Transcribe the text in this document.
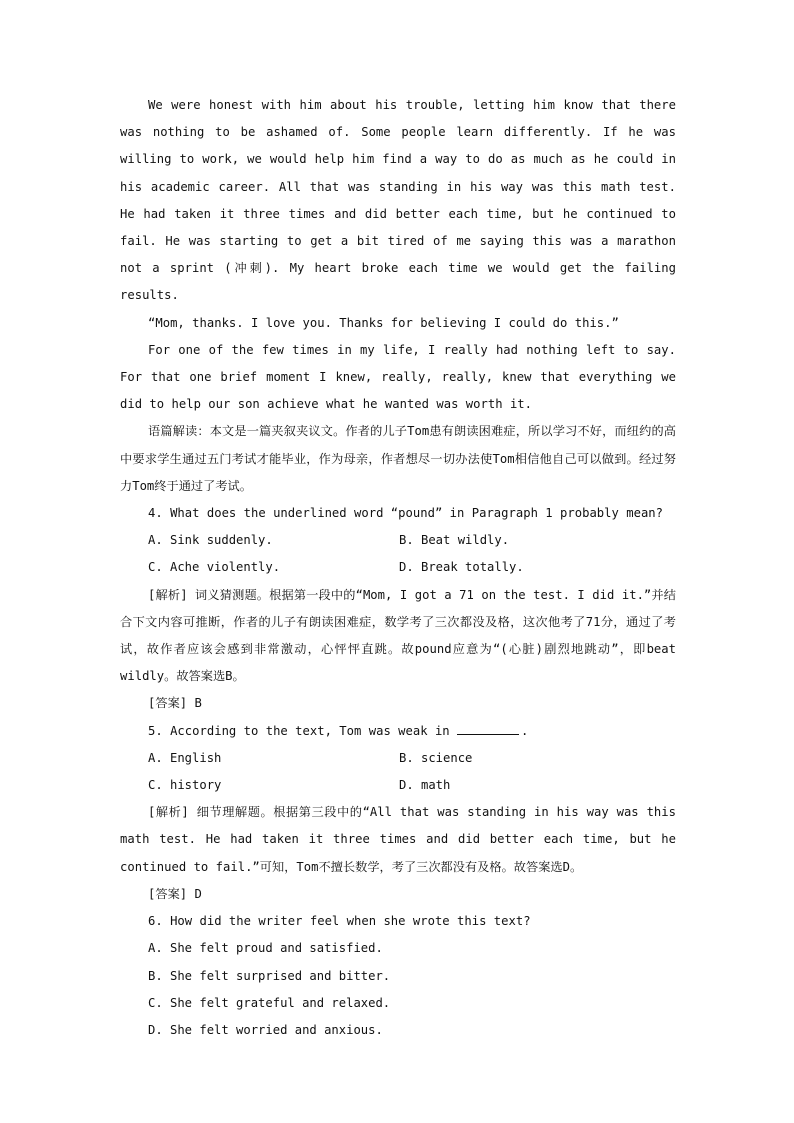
We were honest with him about his trouble, letting him know that there was nothing to be ashamed of. Some people learn differently. If he was willing to work, we would help him find a way to do as much as he could in his academic career. All that was standing in his way was this math test. He had taken it three times and did better each time, but he continued to fail. He was starting to get a bit tired of me saying this was a marathon not a sprint (冲刺). My heart broke each time we would get the failing results.

“Mom, thanks. I love you. Thanks for believing I could do this.”

For one of the few times in my life, I really had nothing left to say. For that one brief moment I knew, really, really, knew that everything we did to help our son achieve what he wanted was worth it.

语篇解读：本文是一篇夹叙夹议文。作者的儿子Tom患有朗读困难症，所以学习不好，而纽约的高中要求学生通过五门考试才能毕业，作为母亲，作者想尽一切办法使Tom相信他自己可以做到。经过努力Tom终于通过了考试。

4. What does the underlined word “pound” in Paragraph 1 probably mean?

A. Sink suddenly.	B. Beat wildly.
C. Ache violently.	D. Break totally.

[解析] 词义猜测题。根据第一段中的“Mom, I got a 71 on the test. I did it.”并结合下文内容可推断，作者的儿子有朗读困难症，数学考了三次都没及格，这次他考了71分，通过了考试，故作者应该会感到非常激动，心怦怦直跳。故pound应意为“(心脏)剧烈地跳动”，即beat wildly。故答案选B。

[答案] B

5. According to the text, Tom was weak in	.

A. English	B. science
C. history	D. math

[解析] 细节理解题。根据第三段中的“All that was standing in his way was this math test. He had taken it three times and did better each time, but he continued to fail.”可知，Tom不擅长数学，考了三次都没有及格。故答案选D。

[答案] D

6. How did the writer feel when she wrote this text?

A. She felt proud and satisfied.

B. She felt surprised and bitter.

C. She felt grateful and relaxed.

D. She felt worried and anxious.
